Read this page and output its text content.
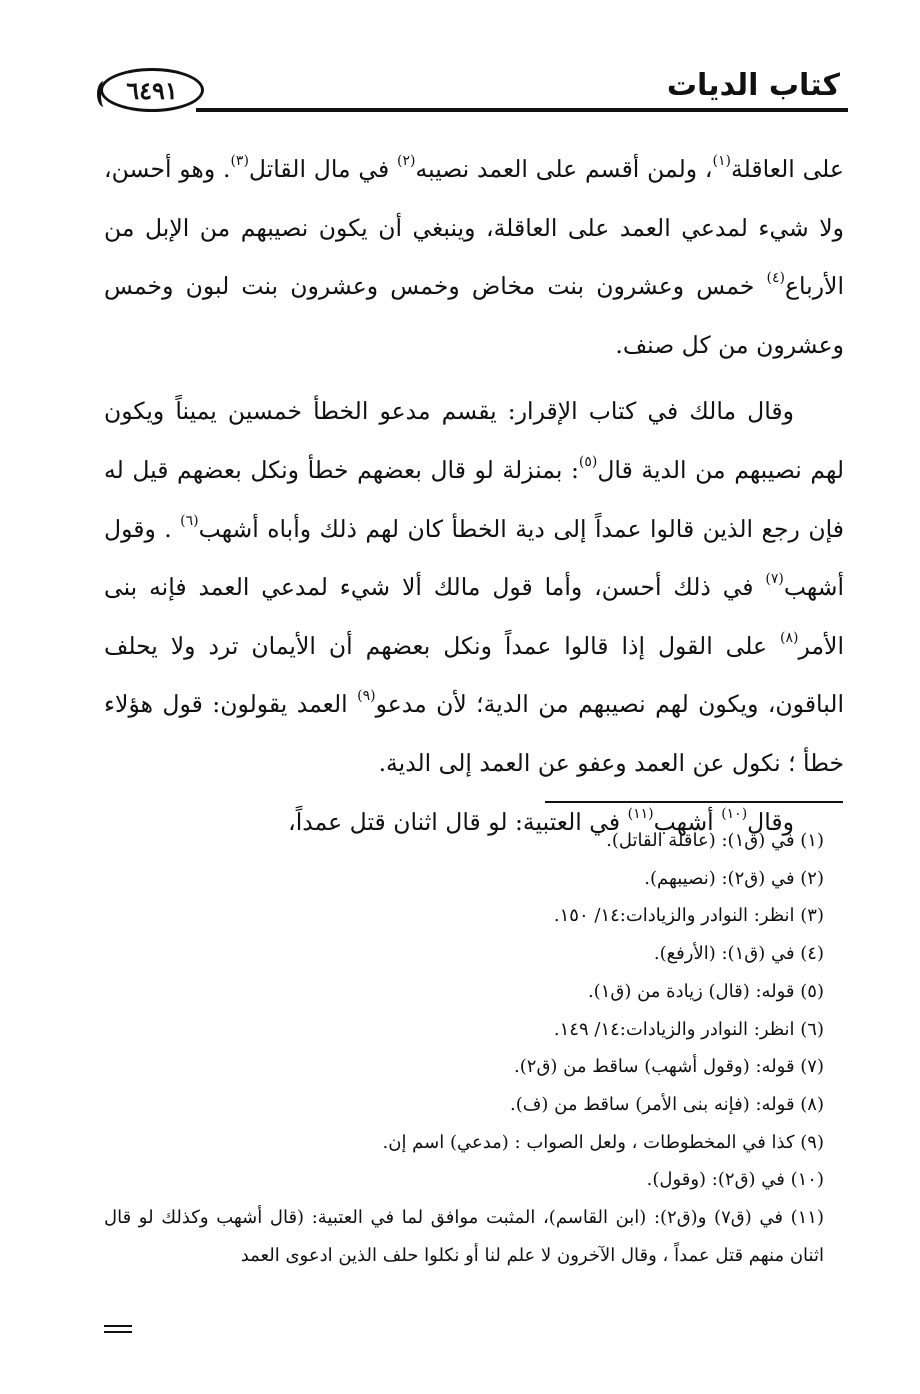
كتاب الديات
٦٤٩١

على العاقلة$^{(١)}$، ولمن أقسم على العمد نصيبه$^{(٢)}$ في مال القاتل$^{(٣)}$. وهو أحسن، ولا شيء لمدعي العمد على العاقلة، وينبغي أن يكون نصيبهم من الإبل من الأرباع$^{(٤)}$ خمس وعشرون بنت مخاض وخمس وعشرون بنت لبون وخمس وعشرون من كل صنف.

وقال مالك في كتاب الإقرار: يقسم مدعو الخطأ خمسين يميناً ويكون لهم نصيبهم من الدية قال$^{(٥)}$: بمنزلة لو قال بعضهم خطأ ونكل بعضهم قيل له فإن رجع الذين قالوا عمداً إلى دية الخطأ كان لهم ذلك وأباه أشهب$^{(٦)}$ . وقول أشهب$^{(٧)}$ في ذلك أحسن، وأما قول مالك ألا شيء لمدعي العمد فإنه بنى الأمر$^{(٨)}$ على القول إذا قالوا عمداً ونكل بعضهم أن الأيمان ترد ولا يحلف الباقون، ويكون لهم نصيبهم من الدية؛ لأن مدعو$^{(٩)}$ العمد يقولون: قول هؤلاء خطأ ؛ نكول عن العمد وعفو عن العمد إلى الدية.

وقال$^{(١٠)}$ أشهب$^{(١١)}$ في العتبية: لو قال اثنان قتل عمداً،

(١) في (ق١): (عاقلة القاتل).

(٢) في (ق٢): (نصيبهم).

(٣) انظر: النوادر والزيادات:١٤/ ١٥٠.

(٤) في (ق١): (الأرفع).

(٥) قوله: (قال) زيادة من (ق١).

(٦) انظر: النوادر والزيادات:١٤/ ١٤٩.

(٧) قوله: (وقول أشهب) ساقط من (ق٢).

(٨) قوله: (فإنه بنى الأمر) ساقط من (ف).

(٩) كذا في المخطوطات ، ولعل الصواب : (مدعي) اسم إن.

(١٠) في (ق٢): (وقول).

(١١) في (ق٧) و(ق٢): (ابن القاسم)، المثبت موافق لما في العتبية: (قال أشهب وكذلك لو قال اثنان منهم قتل عمداً ، وقال الآخرون لا علم لنا أو نكلوا حلف الذين ادعوى العمد
